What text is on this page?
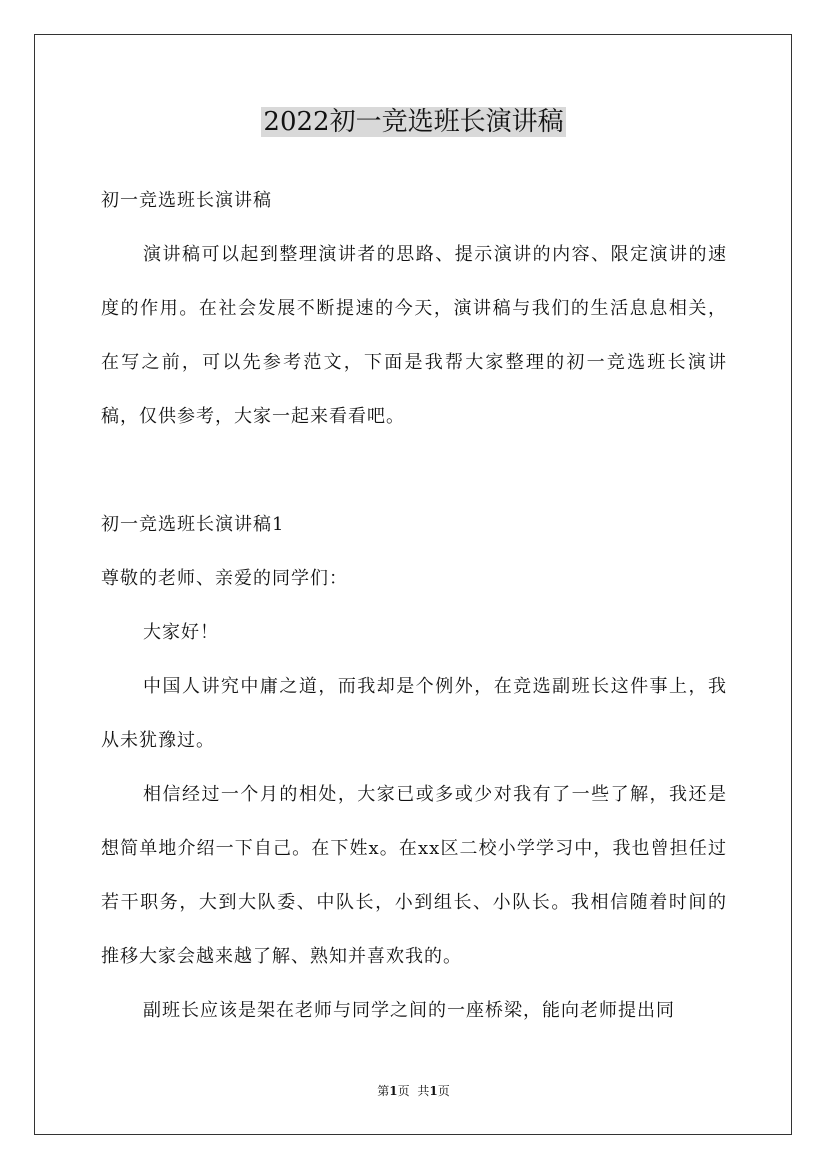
2022初一竞选班长演讲稿

初一竞选班长演讲稿

演讲稿可以起到整理演讲者的思路、提示演讲的内容、限定演讲的速度的作用。在社会发展不断提速的今天，演讲稿与我们的生活息息相关，在写之前，可以先参考范文，下面是我帮大家整理的初一竞选班长演讲稿，仅供参考，大家一起来看看吧。

初一竞选班长演讲稿1

尊敬的老师、亲爱的同学们：

大家好！

中国人讲究中庸之道，而我却是个例外，在竞选副班长这件事上，我从未犹豫过。

相信经过一个月的相处，大家已或多或少对我有了一些了解，我还是想简单地介绍一下自己。在下姓x。在xx区二校小学学习中，我也曾担任过若干职务，大到大队委、中队长，小到组长、小队长。我相信随着时间的推移大家会越来越了解、熟知并喜欢我的。

副班长应该是架在老师与同学之间的一座桥梁，能向老师提出同

第1页 共1页
